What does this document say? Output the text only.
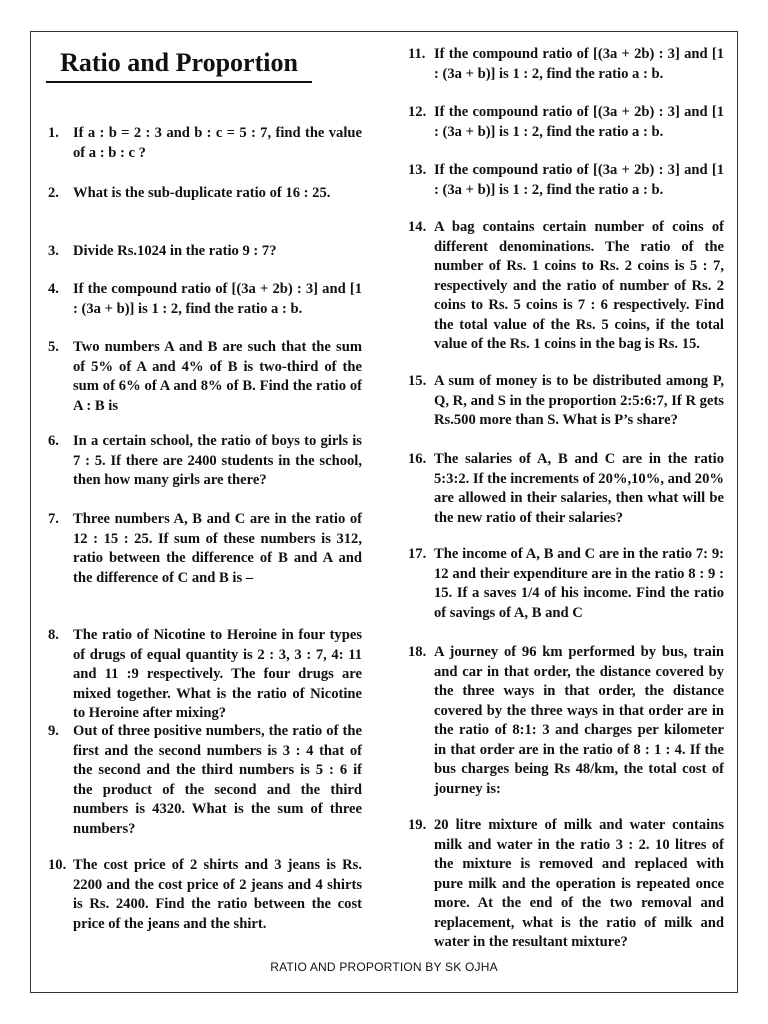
Ratio and Proportion
1. If a : b = 2 : 3 and b : c = 5 : 7, find the value of a : b : c ?
2. What is the sub-duplicate ratio of 16 : 25.
3. Divide Rs.1024 in the ratio 9 : 7?
4. If the compound ratio of [(3a + 2b) : 3] and [1 : (3a + b)] is 1 : 2, find the ratio a : b.
5. Two numbers A and B are such that the sum of 5% of A and 4% of B is two-third of the sum of 6% of A and 8% of B. Find the ratio of A : B is
6. In a certain school, the ratio of boys to girls is 7 : 5. If there are 2400 students in the school, then how many girls are there?
7. Three numbers A, B and C are in the ratio of 12 : 15 : 25. If sum of these numbers is 312, ratio between the difference of B and A and the difference of C and B is –
8. The ratio of Nicotine to Heroine in four types of drugs of equal quantity is 2 : 3, 3 : 7, 4: 11 and 11 :9 respectively. The four drugs are mixed together. What is the ratio of Nicotine to Heroine after mixing?
9. Out of three positive numbers, the ratio of the first and the second numbers is 3 : 4 that of the second and the third numbers is 5 : 6 if the product of the second and the third numbers is 4320. What is the sum of three numbers?
10. The cost price of 2 shirts and 3 jeans is Rs. 2200 and the cost price of 2 jeans and 4 shirts is Rs. 2400. Find the ratio between the cost price of the jeans and the shirt.
11. If the compound ratio of [(3a + 2b) : 3] and [1 : (3a + b)] is 1 : 2, find the ratio a : b.
12. If the compound ratio of [(3a + 2b) : 3] and [1 : (3a + b)] is 1 : 2, find the ratio a : b.
13. If the compound ratio of [(3a + 2b) : 3] and [1 : (3a + b)] is 1 : 2, find the ratio a : b.
14. A bag contains certain number of coins of different denominations. The ratio of the number of Rs. 1 coins to Rs. 2 coins is 5 : 7, respectively and the ratio of number of Rs. 2 coins to Rs. 5 coins is 7 : 6 respectively. Find the total value of the Rs. 5 coins, if the total value of the Rs. 1 coins in the bag is Rs. 15.
15. A sum of money is to be distributed among P, Q, R, and S in the proportion 2:5:6:7, If R gets Rs.500 more than S. What is P’s share?
16. The salaries of A, B and C are in the ratio 5:3:2. If the increments of 20%,10%, and 20% are allowed in their salaries, then what will be the new ratio of their salaries?
17. The income of A, B and C are in the ratio 7: 9: 12 and their expenditure are in the ratio 8 : 9 : 15. If a saves 1/4 of his income. Find the ratio of savings of A, B and C
18. A journey of 96 km performed by bus, train and car in that order, the distance covered by the three ways in that order, the distance covered by the three ways in that order are in the ratio of 8:1: 3 and charges per kilometer in that order are in the ratio of 8 : 1 : 4. If the bus charges being Rs 48/km, the total cost of journey is:
19. 20 litre mixture of milk and water contains milk and water in the ratio 3 : 2. 10 litres of the mixture is removed and replaced with pure milk and the operation is repeated once more. At the end of the two removal and replacement, what is the ratio of milk and water in the resultant mixture?
RATIO AND PROPORTION BY SK OJHA
